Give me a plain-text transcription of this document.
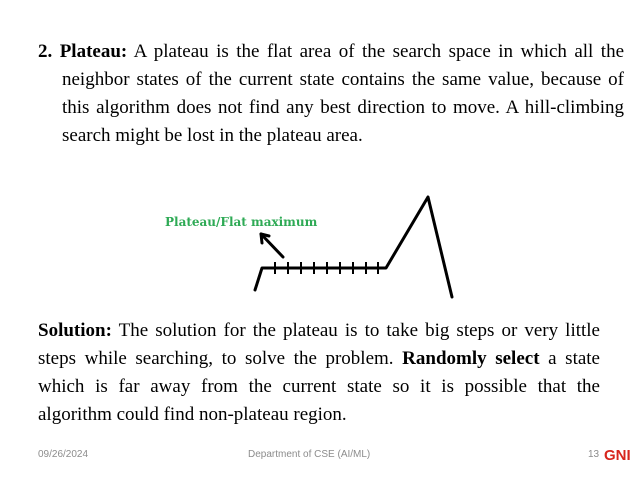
2. Plateau: A plateau is the flat area of the search space in which all the neighbor states of the current state contains the same value, because of this algorithm does not find any best direction to move. A hill-climbing search might be lost in the plateau area.

Plateau/Flat maximum

Solution: The solution for the plateau is to take big steps or very little steps while searching, to solve the problem. Randomly select a state which is far away from the current state so it is possible that the algorithm could find non-plateau region.

09/26/2024	Department of CSE (AI/ML)	13 GNI
